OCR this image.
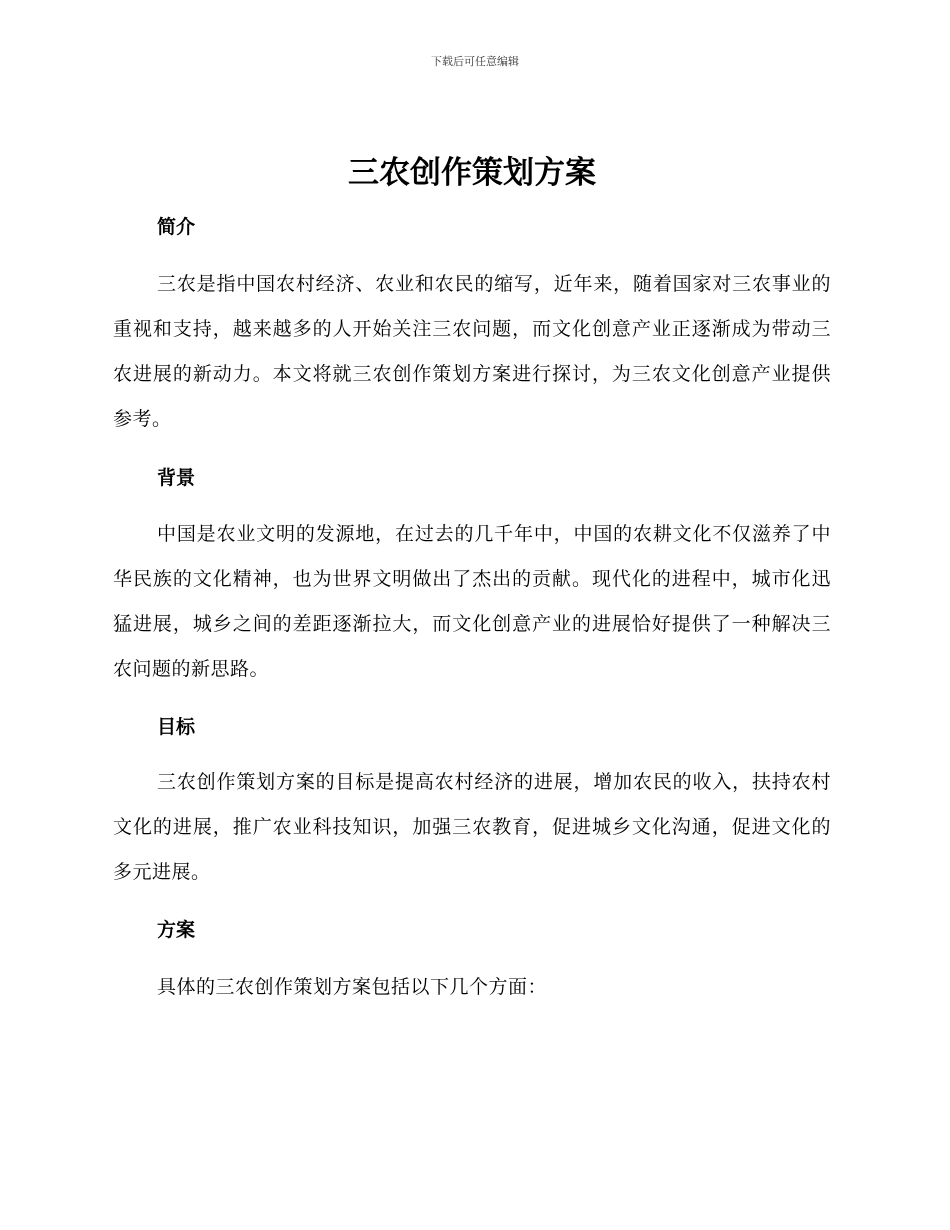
下载后可任意编辑
三农创作策划方案
简介

三农是指中国农村经济、农业和农民的缩写，近年来，随着国家对三农事业的重视和支持，越来越多的人开始关注三农问题，而文化创意产业正逐渐成为带动三农进展的新动力。本文将就三农创作策划方案进行探讨，为三农文化创意产业提供参考。

背景

中国是农业文明的发源地，在过去的几千年中，中国的农耕文化不仅滋养了中华民族的文化精神，也为世界文明做出了杰出的贡献。现代化的进程中，城市化迅猛进展，城乡之间的差距逐渐拉大，而文化创意产业的进展恰好提供了一种解决三农问题的新思路。

目标

三农创作策划方案的目标是提高农村经济的进展，增加农民的收入，扶持农村文化的进展，推广农业科技知识，加强三农教育，促进城乡文化沟通，促进文化的多元进展。

方案

具体的三农创作策划方案包括以下几个方面：
